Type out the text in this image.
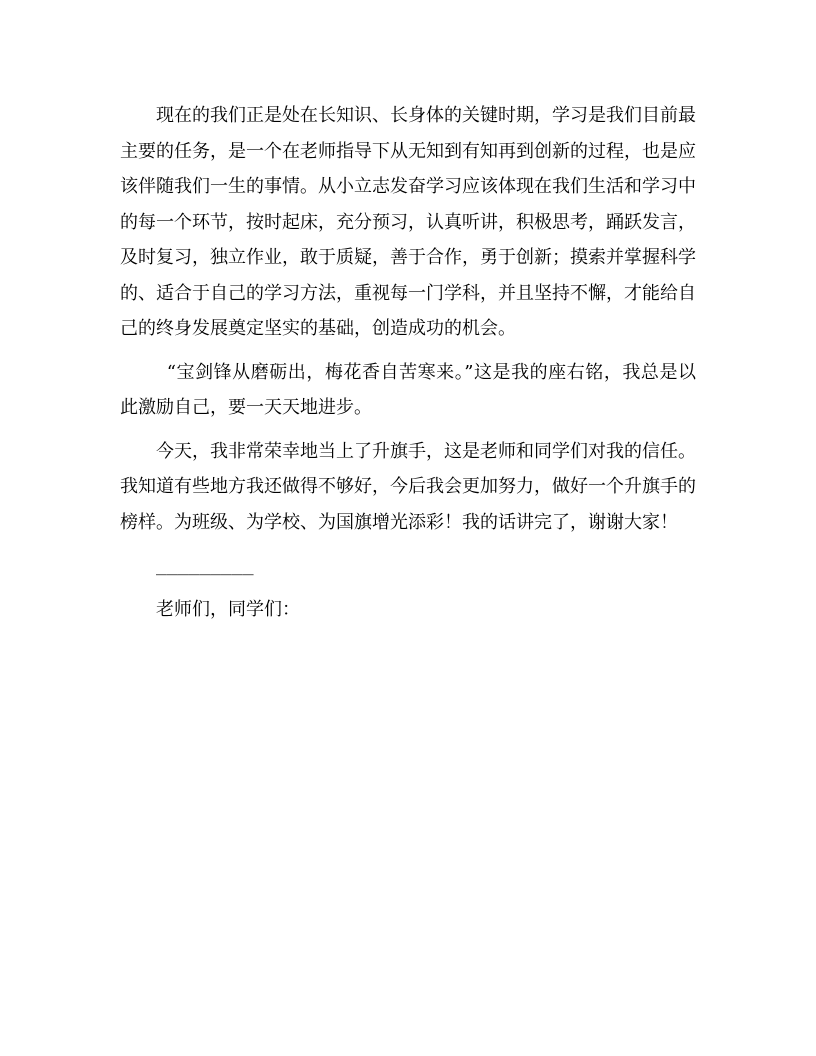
现在的我们正是处在长知识、长身体的关键时期，学习是我们目前最主要的任务，是一个在老师指导下从无知到有知再到创新的过程，也是应该伴随我们一生的事情。从小立志发奋学习应该体现在我们生活和学习中的每一个环节，按时起床，充分预习，认真听讲，积极思考，踊跃发言，及时复习，独立作业，敢于质疑，善于合作，勇于创新；摸索并掌握科学的、适合于自己的学习方法，重视每一门学科，并且坚持不懈，才能给自己的终身发展奠定坚实的基础，创造成功的机会。

“宝剑锋从磨砺出，梅花香自苦寒来。”这是我的座右铭，我总是以此激励自己，要一天天地进步。

今天，我非常荣幸地当上了升旗手，这是老师和同学们对我的信任。我知道有些地方我还做得不够好，今后我会更加努力，做好一个升旗手的榜样。为班级、为学校、为国旗增光添彩！我的话讲完了，谢谢大家！

_________

老师们，同学们：
